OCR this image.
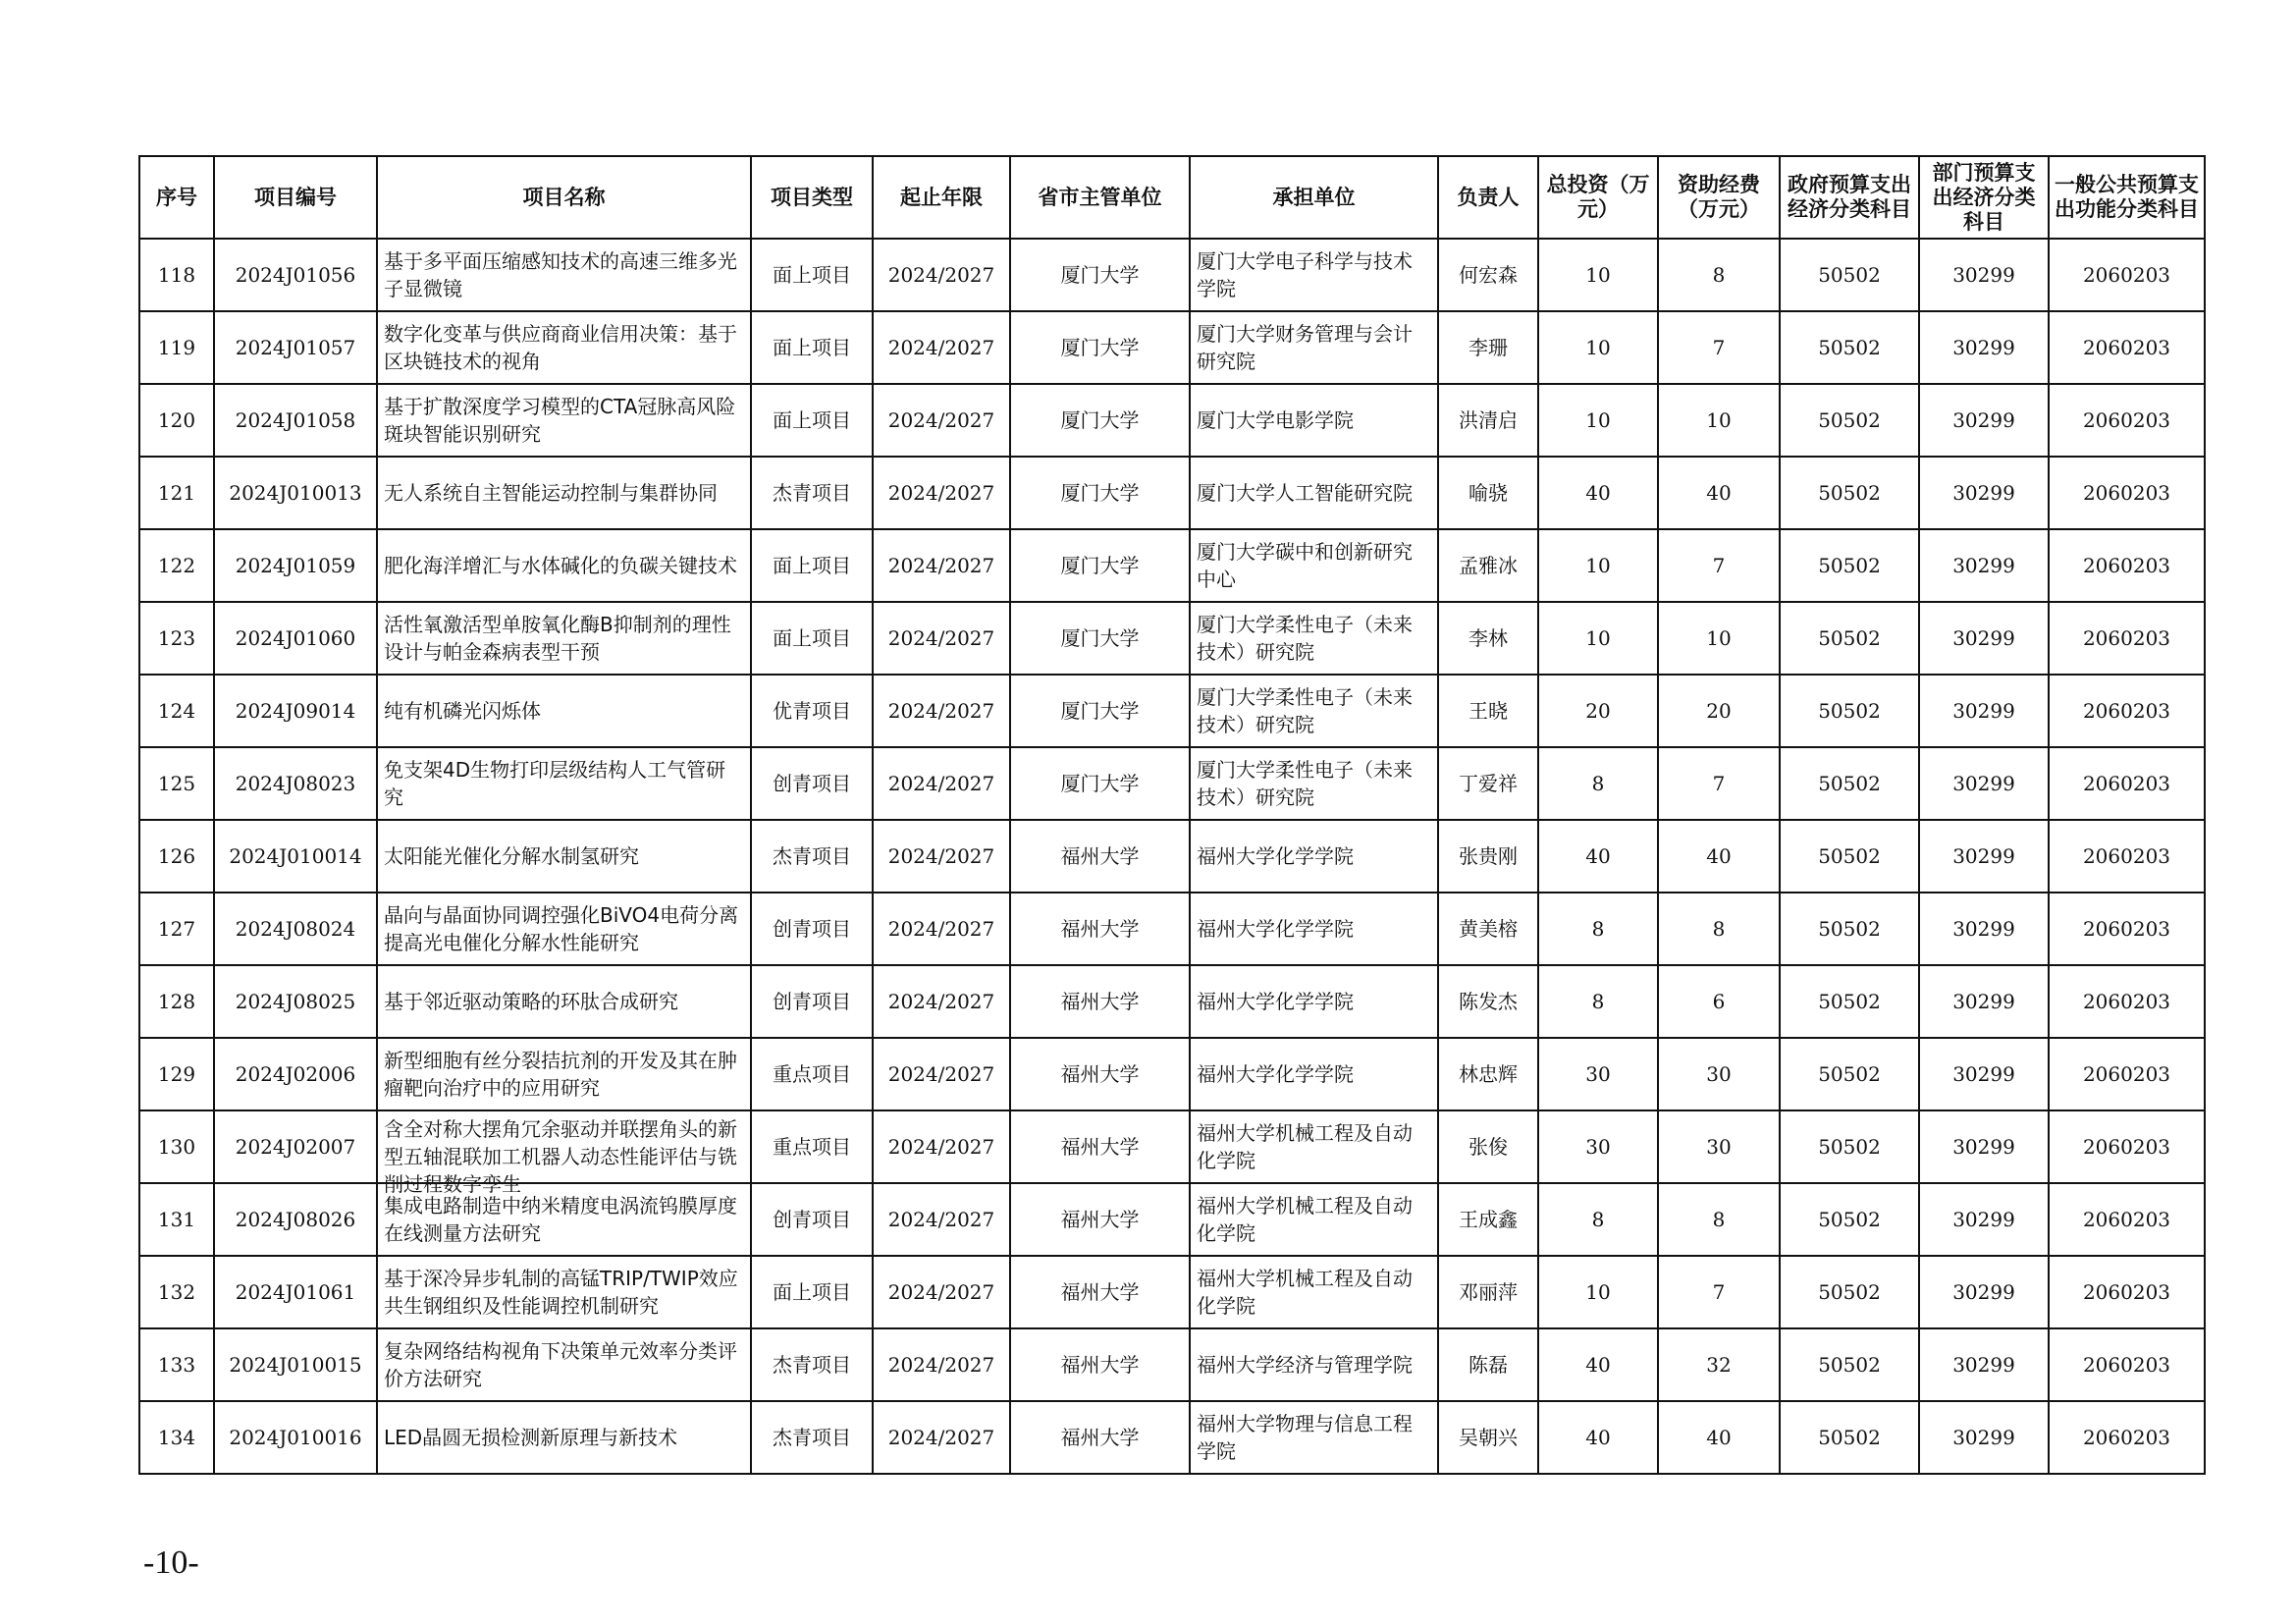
序号	项目编号	项目名称	项目类型	起止年限	省市主管单位	承担单位	负责人	总投资（万元）	资助经费（万元）	政府预算支出经济分类科目	部门预算支出经济分类科目	一般公共预算支出功能分类科目
118	2024J01056	基于多平面压缩感知技术的高速三维多光子显微镜	面上项目	2024/2027	厦门大学	厦门大学电子科学与技术学院	何宏森	10	8	50502	30299	2060203
119	2024J01057	数字化变革与供应商商业信用决策：基于区块链技术的视角	面上项目	2024/2027	厦门大学	厦门大学财务管理与会计研究院	李珊	10	7	50502	30299	2060203
120	2024J01058	基于扩散深度学习模型的CTA冠脉高风险斑块智能识别研究	面上项目	2024/2027	厦门大学	厦门大学电影学院	洪清启	10	10	50502	30299	2060203
121	2024J010013	无人系统自主智能运动控制与集群协同	杰青项目	2024/2027	厦门大学	厦门大学人工智能研究院	喻骁	40	40	50502	30299	2060203
122	2024J01059	肥化海洋增汇与水体碱化的负碳关键技术	面上项目	2024/2027	厦门大学	厦门大学碳中和创新研究中心	孟雅冰	10	7	50502	30299	2060203
123	2024J01060	活性氧激活型单胺氧化酶B抑制剂的理性设计与帕金森病表型干预	面上项目	2024/2027	厦门大学	厦门大学柔性电子（未来技术）研究院	李林	10	10	50502	30299	2060203
124	2024J09014	纯有机磷光闪烁体	优青项目	2024/2027	厦门大学	厦门大学柔性电子（未来技术）研究院	王晓	20	20	50502	30299	2060203
125	2024J08023	免支架4D生物打印层级结构人工气管研究	创青项目	2024/2027	厦门大学	厦门大学柔性电子（未来技术）研究院	丁爱祥	8	7	50502	30299	2060203
126	2024J010014	太阳能光催化分解水制氢研究	杰青项目	2024/2027	福州大学	福州大学化学学院	张贵刚	40	40	50502	30299	2060203
127	2024J08024	晶向与晶面协同调控强化BiVO4电荷分离提高光电催化分解水性能研究	创青项目	2024/2027	福州大学	福州大学化学学院	黄美榕	8	8	50502	30299	2060203
128	2024J08025	基于邻近驱动策略的环肽合成研究	创青项目	2024/2027	福州大学	福州大学化学学院	陈发杰	8	6	50502	30299	2060203
129	2024J02006	新型细胞有丝分裂拮抗剂的开发及其在肿瘤靶向治疗中的应用研究	重点项目	2024/2027	福州大学	福州大学化学学院	林忠辉	30	30	50502	30299	2060203
130	2024J02007	含全对称大摆角冗余驱动并联摆角头的新型五轴混联加工机器人动态性能评估与铣削过程数字孪生	重点项目	2024/2027	福州大学	福州大学机械工程及自动化学院	张俊	30	30	50502	30299	2060203
131	2024J08026	集成电路制造中纳米精度电涡流钨膜厚度在线测量方法研究	创青项目	2024/2027	福州大学	福州大学机械工程及自动化学院	王成鑫	8	8	50502	30299	2060203
132	2024J01061	基于深冷异步轧制的高锰TRIP/TWIP效应共生钢组织及性能调控机制研究	面上项目	2024/2027	福州大学	福州大学机械工程及自动化学院	邓丽萍	10	7	50502	30299	2060203
133	2024J010015	复杂网络结构视角下决策单元效率分类评价方法研究	杰青项目	2024/2027	福州大学	福州大学经济与管理学院	陈磊	40	32	50502	30299	2060203
134	2024J010016	LED晶圆无损检测新原理与新技术	杰青项目	2024/2027	福州大学	福州大学物理与信息工程学院	吴朝兴	40	40	50502	30299	2060203
-10-
